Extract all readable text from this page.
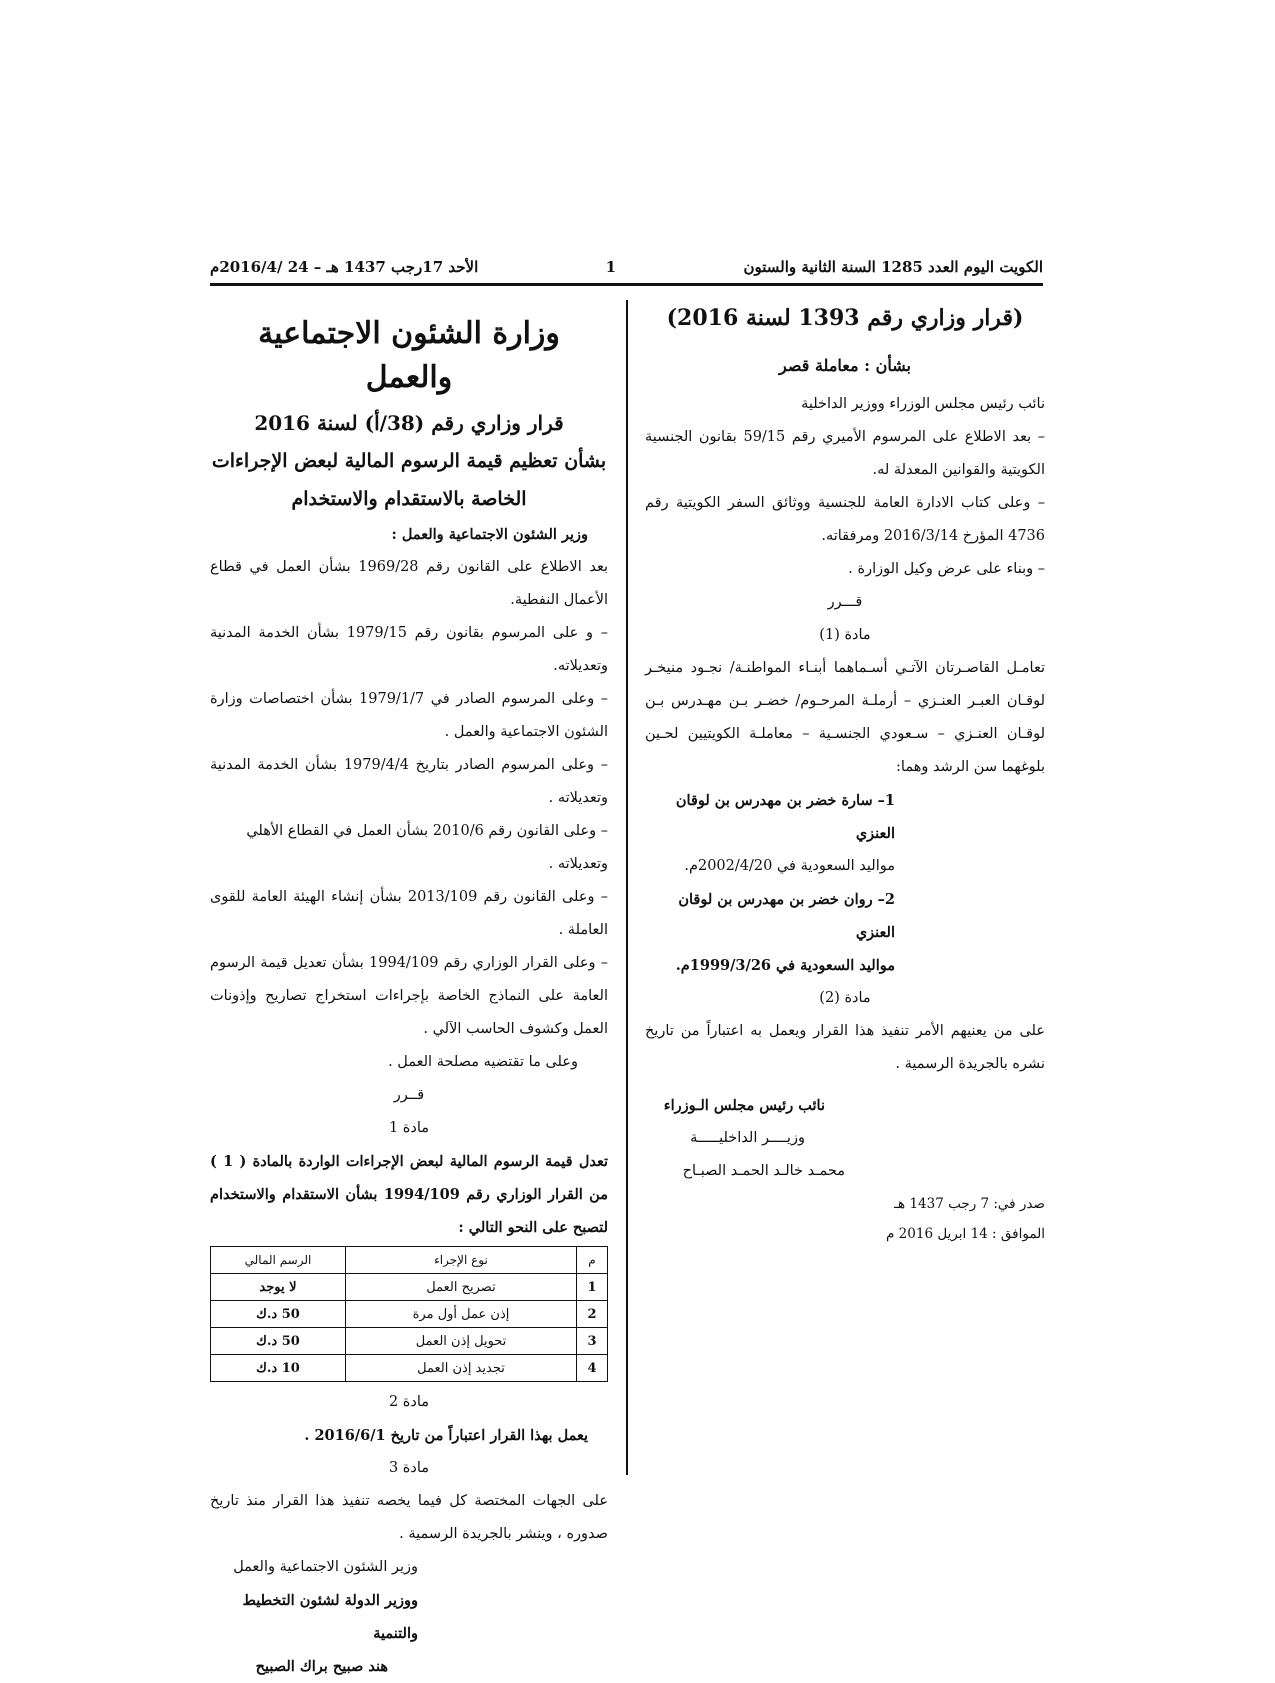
الكويت اليوم العدد 1285 السنة الثانية والستون
1
الأحد 17رجب 1437 هـ – 24 /2016/4م

(قرار وزاري رقم 1393 لسنة 2016)

بشأن : معاملة قصر

نائب رئيس مجلس الوزراء ووزير الداخلية

– بعد الاطلاع على المرسوم الأميري رقم 59/15 بقانون الجنسية الكويتية والقوانين المعدلة له.

– وعلى كتاب الادارة العامة للجنسية ووثائق السفر الكويتية رقم 4736 المؤرخ 2016/3/14 ومرفقاته.

– وبناء على عرض وكيل الوزارة .

قـــرر

مادة (1)

تعامـل القاصـرتان الآتـي أسـماهما أبنـاء المواطنـة/ نجـود منيخـر لوقـان العبـر العنـزي – أرملـة المرحـوم/ خضـر بـن مهـدرس بـن لوقـان العنـزي – سـعودي الجنسـية – معاملـة الكويتيين لحـين بلوغهما سن الرشد وهما:

1– سارة خضر بن مهدرس بن لوقان العنزي

مواليد السعودية في 2002/4/20م.

2– روان خضر بن مهدرس بن لوقان العنزي

مواليد السعودية في 1999/3/26م.

مادة (2)

على من يعنيهم الأمر تنفيذ هذا القرار ويعمل به اعتباراً من تاريخ نشره بالجريدة الرسمية .

نائب رئيس مجلس الـوزراء

وزيــــر الداخليـــــة

محمـد خالـد الحمـد الصبـاح

صدر في: 7 رجب 1437 هـ

الموافق : 14 ابريل 2016 م

وزارة الشئون الاجتماعية والعمل

قرار وزاري رقم (38/أ) لسنة 2016

بشأن تعظيم قيمة الرسوم المالية لبعض الإجراءات

الخاصة بالاستقدام والاستخدام

وزير الشئون الاجتماعية والعمل :

بعد الاطلاع على القانون رقم 1969/28 بشأن العمل في قطاع الأعمال النفطية.

– و على المرسوم بقانون رقم 1979/15 بشأن الخدمة المدنية وتعديلاته.

– وعلى المرسوم الصادر في 1979/1/7 بشأن اختصاصات وزارة الشئون الاجتماعية والعمل .

– وعلى المرسوم الصادر بتاريخ 1979/4/4 بشأن الخدمة المدنية وتعديلاته .

– وعلى القانون رقم 2010/6 بشأن العمل في القطاع الأهلي وتعديلاته .

– وعلى القانون رقم 2013/109 بشأن إنشاء الهيئة العامة للقوى العاملة .

– وعلى القرار الوزاري رقم 1994/109 بشأن تعديل قيمة الرسوم العامة على النماذج الخاصة بإجراءات استخراج تصاريح وإذونات العمل وكشوف الحاسب الآلي .

وعلى ما تقتضيه مصلحة العمل .

قــرر

مادة 1

تعدل قيمة الرسوم المالية لبعض الإجراءات الواردة بالمادة ( 1 ) من القرار الوزاري رقم 1994/109 بشأن الاستقدام والاستخدام لتصبح على النحو التالي :

م	نوع الإجراء	الرسم المالي
1	تصريح العمل	لا يوجد
2	إذن عمل أول مرة	50 د.ك
3	تحويل إذن العمل	50 د.ك
4	تجديد إذن العمل	10 د.ك

مادة 2

يعمل بهذا القرار اعتباراً من تاريخ 2016/6/1 .

مادة 3

على الجهات المختصة كل فيما يخصه تنفيذ هذا القرار منذ تاريخ صدوره ، وينشر بالجريدة الرسمية .

وزير الشئون الاجتماعية والعمل

ووزير الدولة لشئون التخطيط والتنمية

هند صبيح براك الصبيح
